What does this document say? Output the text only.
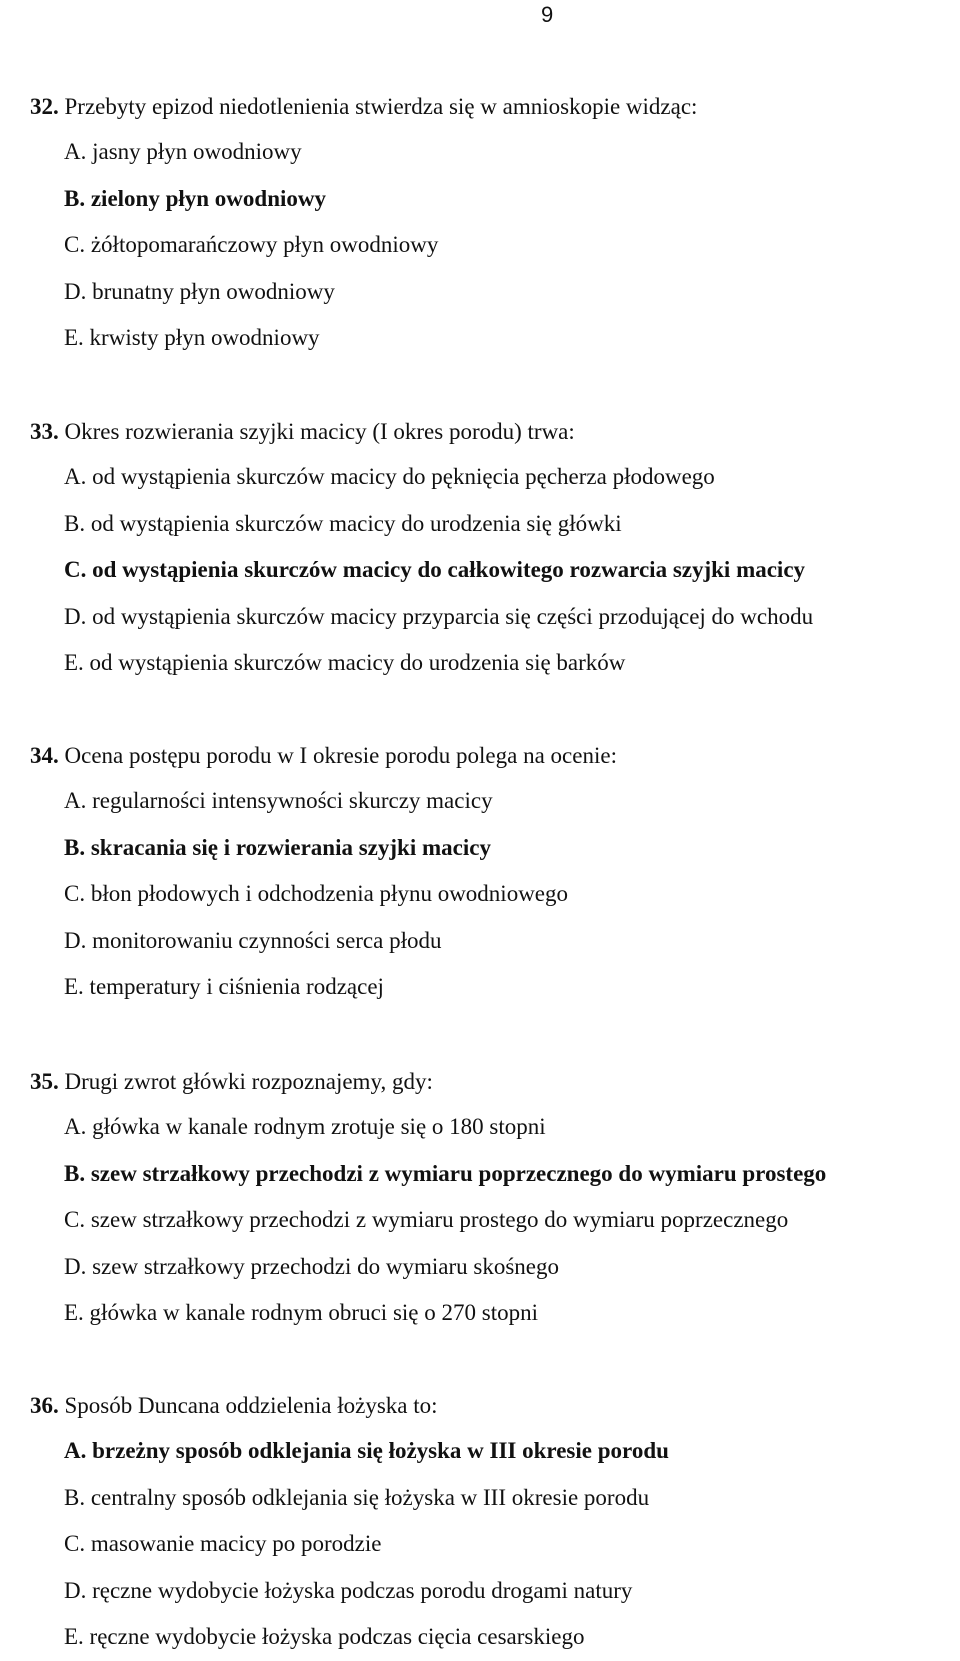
9
32. Przebyty epizod niedotlenienia stwierdza się w amnioskopie widząc:
A. jasny płyn owodniowy
B. zielony płyn owodniowy
C. żółtopomarańczowy płyn owodniowy
D. brunatny płyn owodniowy
E. krwisty płyn owodniowy
33. Okres rozwierania szyjki macicy (I okres porodu) trwa:
A. od wystąpienia skurczów macicy do pęknięcia pęcherza płodowego
B. od wystąpienia skurczów macicy do urodzenia się główki
C. od wystąpienia skurczów macicy do całkowitego rozwarcia szyjki macicy
D. od wystąpienia skurczów macicy przyparcia się części przodującej do wchodu
E. od wystąpienia skurczów macicy do urodzenia się barków
34. Ocena postępu porodu w I okresie porodu polega na ocenie:
A. regularności intensywności skurczy macicy
B. skracania się i rozwierania szyjki macicy
C. błon płodowych i odchodzenia płynu owodniowego
D. monitorowaniu czynności serca płodu
E. temperatury i ciśnienia rodzącej
35. Drugi zwrot główki rozpoznajemy, gdy:
A. główka w kanale rodnym zrotuje się o 180 stopni
B. szew strzałkowy przechodzi z wymiaru poprzecznego do wymiaru prostego
C. szew strzałkowy przechodzi z wymiaru prostego do wymiaru poprzecznego
D. szew strzałkowy przechodzi do wymiaru skośnego
E. główka w kanale rodnym obruci się o 270 stopni
36. Sposób Duncana oddzielenia łożyska to:
A. brzeżny sposób odklejania się łożyska w III okresie porodu
B. centralny sposób odklejania się łożyska w III okresie porodu
C. masowanie macicy po porodzie
D. ręczne wydobycie łożyska podczas porodu drogami natury
E. ręczne wydobycie łożyska podczas cięcia cesarskiego
